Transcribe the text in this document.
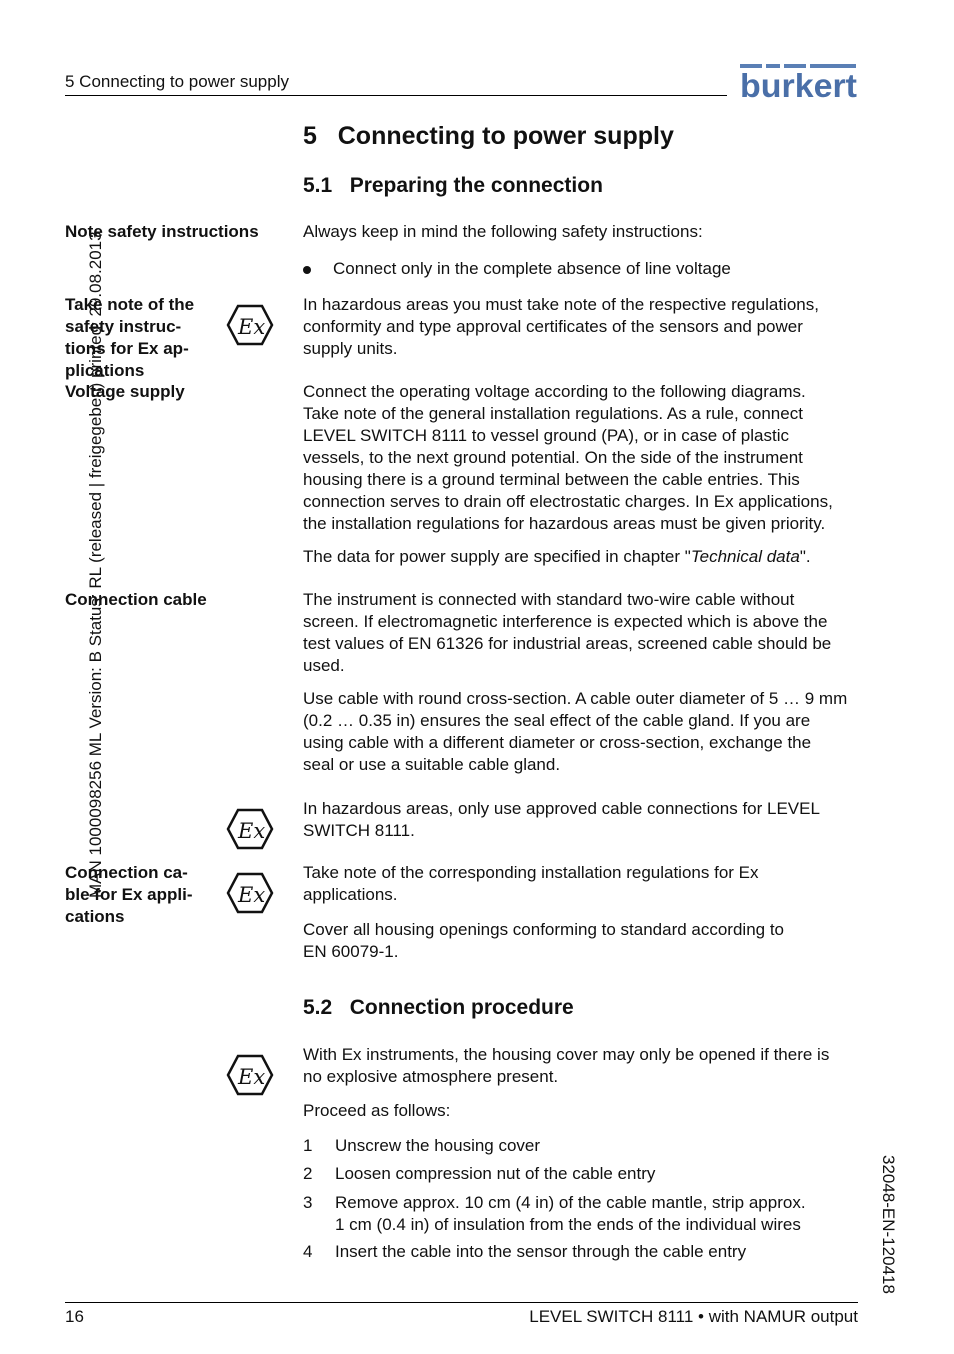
5 Connecting to power supply	burkert
MAN 1000098256 ML Version: B Status: RL (released | freigegeben) printed: 29.08.2013
32048-EN-120418
5   Connecting to power supply
5.1   Preparing the connection
5.2   Connection procedure
Note safety instructions
Take note of the
safety instruc-
tions for Ex ap-
plications
Voltage supply
Connection cable
Connection ca-
ble for Ex appli-
cations
Ex
Ex
Ex
Ex
Always keep in mind the following safety instructions:
Connect only in the complete absence of line voltage
In hazardous areas you must take note of the respective regulations,
conformity and type approval certificates of the sensors and power
supply units.
Connect the operating voltage according to the following diagrams.
Take note of the general installation regulations. As a rule, connect
LEVEL SWITCH 8111 to vessel ground (PA), or in case of plastic
vessels, to the next ground potential. On the side of the instrument
housing there is a ground terminal between the cable entries. This
connection serves to drain off electrostatic charges. In Ex applications,
the installation regulations for hazardous areas must be given priority.
The data for power supply are specified in chapter "Technical data".
The instrument is connected with standard two-wire cable without
screen. If electromagnetic interference is expected which is above the
test values of EN 61326 for industrial areas, screened cable should be
used.
Use cable with round cross-section. A cable outer diameter of 5 … 9 mm
(0.2 … 0.35 in) ensures the seal effect of the cable gland. If you are
using cable with a different diameter or cross-section, exchange the
seal or use a suitable cable gland.
In hazardous areas, only use approved cable connections for LEVEL
SWITCH 8111.
Take note of the corresponding installation regulations for Ex
applications.
Cover all housing openings conforming to standard according to
EN 60079-1.
With Ex instruments, the housing cover may only be opened if there is
no explosive atmosphere present.
Proceed as follows:
1 Unscrew the housing cover
2 Loosen compression nut of the cable entry
3 Remove approx. 10 cm (4 in) of the cable mantle, strip approx.
1 cm (0.4 in) of insulation from the ends of the individual wires
4 Insert the cable into the sensor through the cable entry
16	LEVEL SWITCH 8111 • with NAMUR output
